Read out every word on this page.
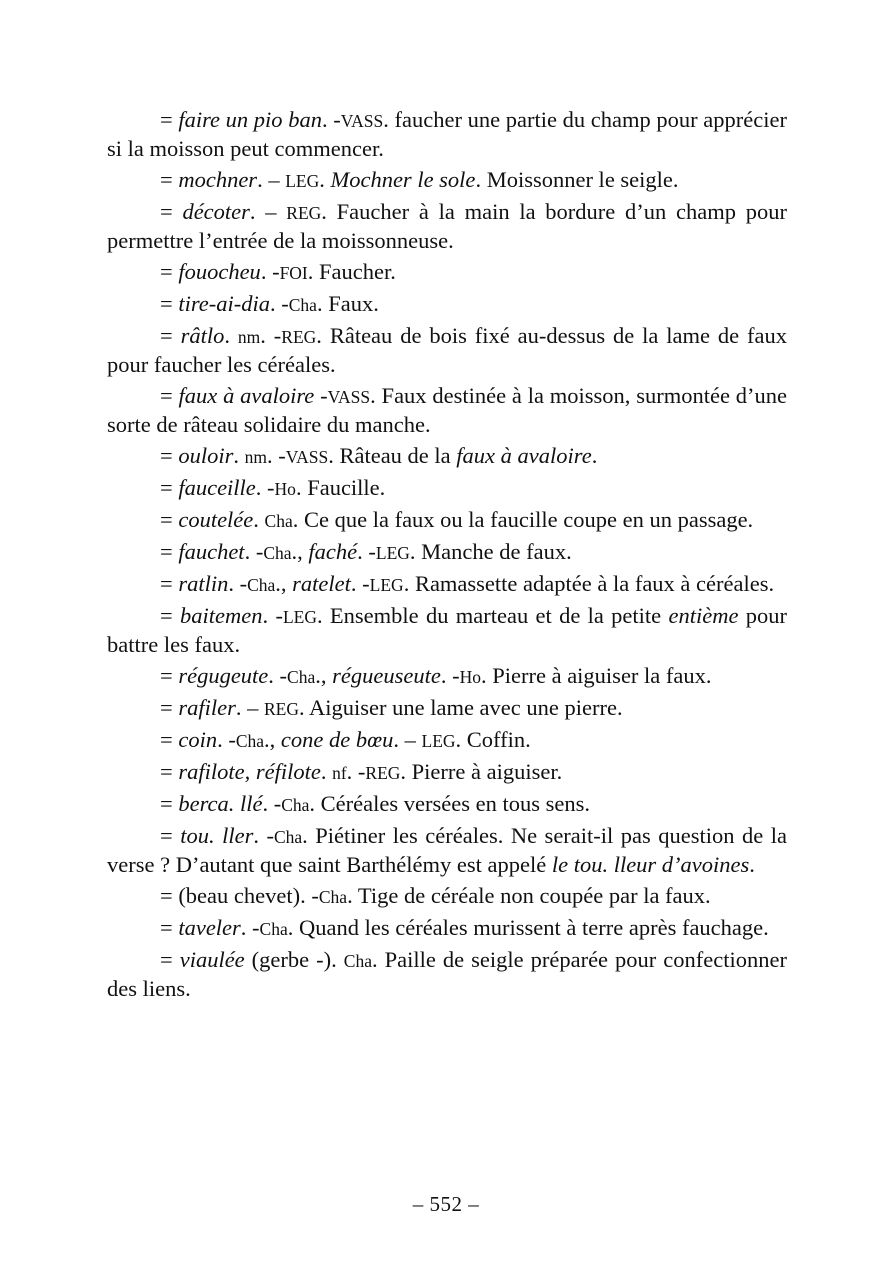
= faire un pio ban. -VASS. faucher une partie du champ pour apprécier si la moisson peut commencer.

= mochner. – LEG. Mochner le sole. Moissonner le seigle.

= décoter. – REG. Faucher à la main la bordure d’un champ pour permettre l’entrée de la moissonneuse.

= fouocheu. -FOI. Faucher.

= tire-ai-dia. -Cha. Faux.

= râtlo. nm. -REG. Râteau de bois fixé au-dessus de la lame de faux pour faucher les céréales.

= faux à avaloire -VASS. Faux destinée à la moisson, surmontée d’une sorte de râteau solidaire du manche.

= ouloir. nm. -VASS. Râteau de la faux à avaloire.

= fauceille. -Ho. Faucille.

= coutelée. Cha. Ce que la faux ou la faucille coupe en un passage.

= fauchet. -Cha., faché. -LEG. Manche de faux.

= ratlin. -Cha., ratelet. -LEG. Ramassette adaptée à la faux à céréales.

= baitemen. -LEG. Ensemble du marteau et de la petite entième pour battre les faux.

= régugeute. -Cha., régueuseute. -Ho. Pierre à aiguiser la faux.

= rafiler. – REG. Aiguiser une lame avec une pierre.

= coin. -Cha., cone de bœu. – LEG. Coffin.

= rafilote, réfilote. nf. -REG. Pierre à aiguiser.

= berca. llé. -Cha. Céréales versées en tous sens.

= tou. ller. -Cha. Piétiner les céréales. Ne serait-il pas question de la verse ? D’autant que saint Barthélémy est appelé le tou. lleur d’avoines.

= (beau chevet). -Cha. Tige de céréale non coupée par la faux.

= taveler. -Cha. Quand les céréales murissent à terre après fauchage.

= viaulée (gerbe -). Cha. Paille de seigle préparée pour confectionner des liens.

– 552 –
